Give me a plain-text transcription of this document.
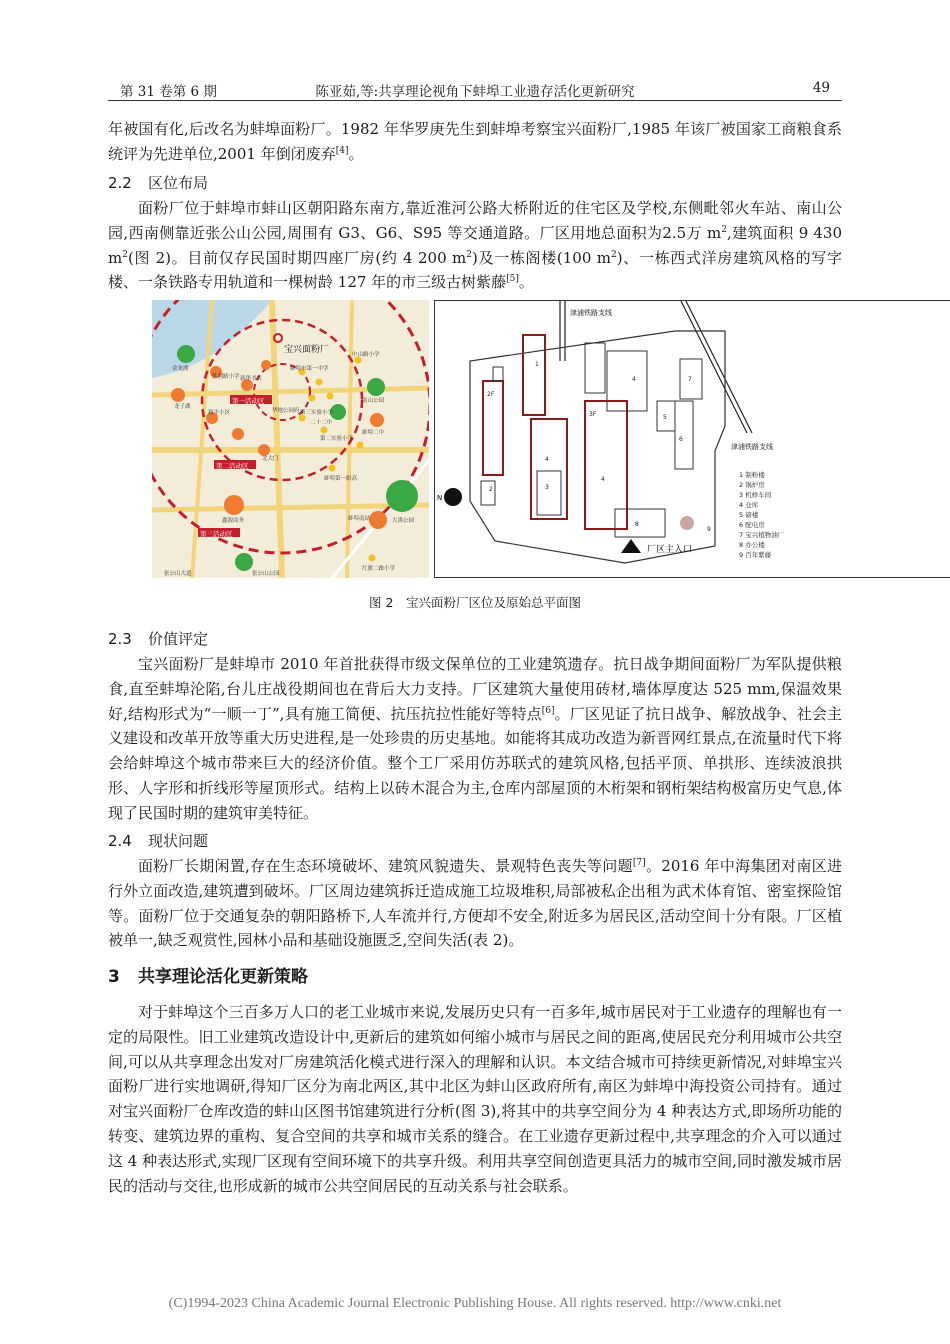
第 31 卷第 6 期	陈亚茹,等:共享理论视角下蚌埠工业遗存活化更新研究	49

年被国有化,后改名为蚌埠面粉厂。1982 年华罗庚先生到蚌埠考察宝兴面粉厂,1985 年该厂被国家工商粮食系统评为先进单位,2001 年倒闭废弃[4]。

2.2 区位布局

面粉厂位于蚌埠市蚌山区朝阳路东南方,靠近淮河公路大桥附近的住宅区及学校,东侧毗邻火车站、南山公园,西南侧靠近张公山公园,周围有 G3、G6、S95 等交通道路。厂区用地总面积为2.5万 $m^2$,建筑面积 9 430 $m^2$(图 2)。目前仅存民国时期四座厂房(约 4 200 $m^2$)及一栋阁楼(100 $m^2$)、一栋西式洋房建筑风格的写字楼、一条铁路专用轨道和一棵树龄 127 年的市三级古树紫藤[5]。

宝兴面粉厂
第一活动区
第二活动区
第三活动区
蚌埠市第一中学
中山路小学
第三实验小学
新华书店
和平小区	华地公园府
北大门
胜利路小学
二十二中
第二实验小学
金龙湖
南山公园
大禹公园
龙子湖
蚌埠二中
蚌埠南站
蚌埠第一职高
张公山公园
张公山大道
红旗二路小学
鑫源商务
津浦铁路支线
津浦铁路支线
1
2	3
4
4
4
5
6
7
8
9
2F
3F
N
厂区主入口
1 制粉楼
2 锅炉房
3 机修车间
4 仓库
5 磅楼
6 配电房
7 宝兴植物油厂
8 办公楼
9 百年紫藤
图 2　宝兴面粉厂区位及原始总平面图
2.3 价值评定

宝兴面粉厂是蚌埠市 2010 年首批获得市级文保单位的工业建筑遗存。抗日战争期间面粉厂为军队提供粮食,直至蚌埠沦陷,台儿庄战役期间也在背后大力支持。厂区建筑大量使用砖材,墙体厚度达 525 mm,保温效果好,结构形式为“一顺一丁”,具有施工简便、抗压抗拉性能好等特点[6]。厂区见证了抗日战争、解放战争、社会主义建设和改革开放等重大历史进程,是一处珍贵的历史基地。如能将其成功改造为新晋网红景点,在流量时代下将会给蚌埠这个城市带来巨大的经济价值。整个工厂采用仿苏联式的建筑风格,包括平顶、单拱形、连续波浪拱形、人字形和折线形等屋顶形式。结构上以砖木混合为主,仓库内部屋顶的木桁架和钢桁架结构极富历史气息,体现了民国时期的建筑审美特征。

2.4 现状问题

面粉厂长期闲置,存在生态环境破坏、建筑风貌遗失、景观特色丧失等问题[7]。2016 年中海集团对南区进行外立面改造,建筑遭到破坏。厂区周边建筑拆迁造成施工垃圾堆积,局部被私企出租为武术体育馆、密室探险馆等。面粉厂位于交通复杂的朝阳路桥下,人车流并行,方便却不安全,附近多为居民区,活动空间十分有限。厂区植被单一,缺乏观赏性,园林小品和基础设施匮乏,空间失活(表 2)。

3 共享理论活化更新策略

对于蚌埠这个三百多万人口的老工业城市来说,发展历史只有一百多年,城市居民对于工业遗存的理解也有一定的局限性。旧工业建筑改造设计中,更新后的建筑如何缩小城市与居民之间的距离,使居民充分利用城市公共空间,可以从共享理念出发对厂房建筑活化模式进行深入的理解和认识。本文结合城市可持续更新情况,对蚌埠宝兴面粉厂进行实地调研,得知厂区分为南北两区,其中北区为蚌山区政府所有,南区为蚌埠中海投资公司持有。通过对宝兴面粉厂仓库改造的蚌山区图书馆建筑进行分析(图 3),将其中的共享空间分为 4 种表达方式,即场所功能的转变、建筑边界的重构、复合空间的共享和城市关系的缝合。在工业遗存更新过程中,共享理念的介入可以通过这 4 种表达形式,实现厂区现有空间环境下的共享升级。利用共享空间创造更具活力的城市空间,同时激发城市居民的活动与交往,也形成新的城市公共空间居民的互动关系与社会联系。

(C)1994-2023 China Academic Journal Electronic Publishing House. All rights reserved. http://www.cnki.net
